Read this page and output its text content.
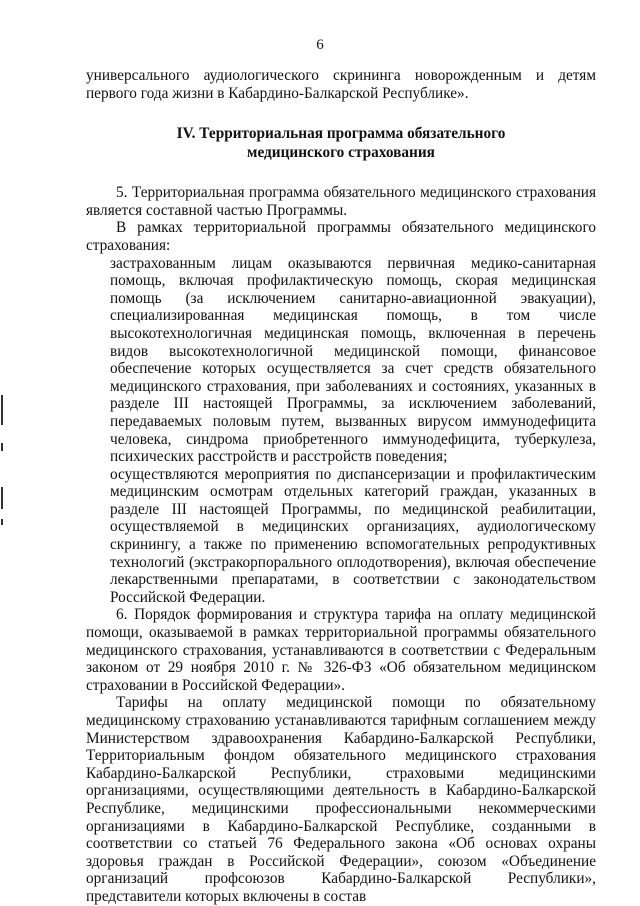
6

универсального аудиологического скрининга новорожденным и детям первого года жизни в Кабардино-Балкарской Республике».

IV. Территориальная программа обязательного медицинского страхования

5. Территориальная программа обязательного медицинского страхования является составной частью Программы.

В рамках территориальной программы обязательного медицинского страхования:

застрахованным лицам оказываются первичная медико-санитарная помощь, включая профилактическую помощь, скорая медицинская помощь (за исключением санитарно-авиационной эвакуации), специализированная медицинская помощь, в том числе высокотехнологичная медицинская помощь, включенная в перечень видов высокотехнологичной медицинской помощи, финансовое обеспечение которых осуществляется за счет средств обязательного медицинского страхования, при заболеваниях и состояниях, указанных в разделе III настоящей Программы, за исключением заболеваний, передаваемых половым путем, вызванных вирусом иммунодефицита человека, синдрома приобретенного иммунодефицита, туберкулеза, психических расстройств и расстройств поведения;

осуществляются мероприятия по диспансеризации и профилактическим медицинским осмотрам отдельных категорий граждан, указанных в разделе III настоящей Программы, по медицинской реабилитации, осуществляемой в медицинских организациях, аудиологическому скринингу, а также по применению вспомогательных репродуктивных технологий (экстракорпорального оплодотворения), включая обеспечение лекарственными препаратами, в соответствии с законодательством Российской Федерации.

6. Порядок формирования и структура тарифа на оплату медицинской помощи, оказываемой в рамках территориальной программы обязательного медицинского страхования, устанавливаются в соответствии с Федеральным законом от 29 ноября 2010 г. № 326-ФЗ «Об обязательном медицинском страховании в Российской Федерации».

Тарифы на оплату медицинской помощи по обязательному медицинскому страхованию устанавливаются тарифным соглашением между Министерством здравоохранения Кабардино-Балкарской Республики, Территориальным фондом обязательного медицинского страхования Кабардино-Балкарской Республики, страховыми медицинскими организациями, осуществляющими деятельность в Кабардино-Балкарской Республике, медицинскими профессиональными некоммерческими организациями в Кабардино-Балкарской Республике, созданными в соответствии со статьей 76 Федерального закона «Об основах охраны здоровья граждан в Российской Федерации», союзом «Объединение организаций профсоюзов Кабардино-Балкарской Республики», представители которых включены в состав
